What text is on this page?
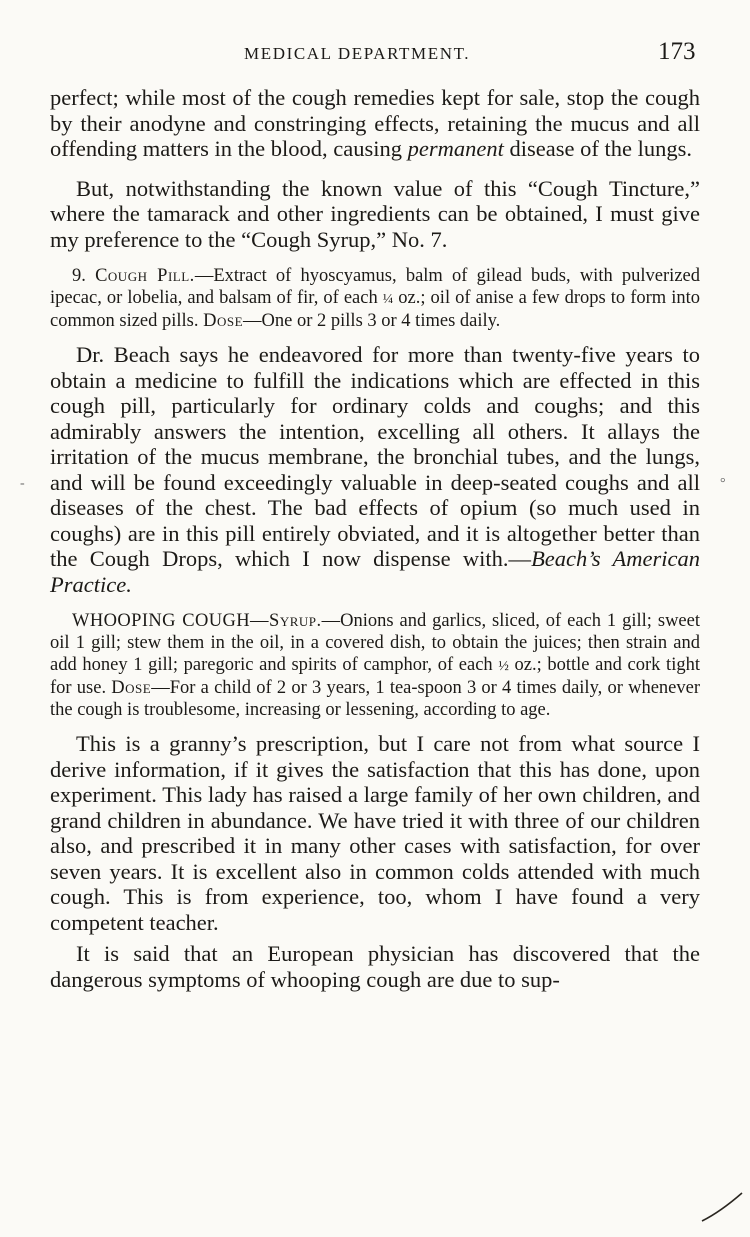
MEDICAL DEPARTMENT.	173
-	°

perfect; while most of the cough remedies kept for sale, stop the cough by their anodyne and constringing effects, retaining the mucus and all offending matters in the blood, causing permanent disease of the lungs.

But, notwithstanding the known value of this “Cough Tincture,” where the tamarack and other ingredients can be obtained, I must give my preference to the “Cough Syrup,” No. 7.

9. Cough Pill.—Extract of hyoscyamus, balm of gilead buds, with pulverized ipecac, or lobelia, and balsam of fir, of each ¼ oz.; oil of anise a few drops to form into common sized pills. Dose—One or 2 pills 3 or 4 times daily.

Dr. Beach says he endeavored for more than twenty-five years to obtain a medicine to fulfill the indications which are effected in this cough pill, particularly for ordinary colds and coughs; and this admirably answers the intention, excelling all others. It allays the irritation of the mucus membrane, the bronchial tubes, and the lungs, and will be found exceedingly valuable in deep-seated coughs and all diseases of the chest. The bad effects of opium (so much used in coughs) are in this pill entirely obviated, and it is altogether better than the Cough Drops, which I now dispense with.—Beach’s American Practice.

WHOOPING COUGH—Syrup.—Onions and garlics, sliced, of each 1 gill; sweet oil 1 gill; stew them in the oil, in a covered dish, to obtain the juices; then strain and add honey 1 gill; paregoric and spirits of camphor, of each ½ oz.; bottle and cork tight for use. Dose—For a child of 2 or 3 years, 1 tea-spoon 3 or 4 times daily, or whenever the cough is troublesome, increasing or lessening, according to age.

This is a granny’s prescription, but I care not from what source I derive information, if it gives the satisfaction that this has done, upon experiment. This lady has raised a large family of her own children, and grand children in abundance. We have tried it with three of our children also, and prescribed it in many other cases with satisfaction, for over seven years. It is excellent also in common colds attended with much cough. This is from experience, too, whom I have found a very competent teacher.

It is said that an European physician has discovered that the dangerous symptoms of whooping cough are due to sup-
